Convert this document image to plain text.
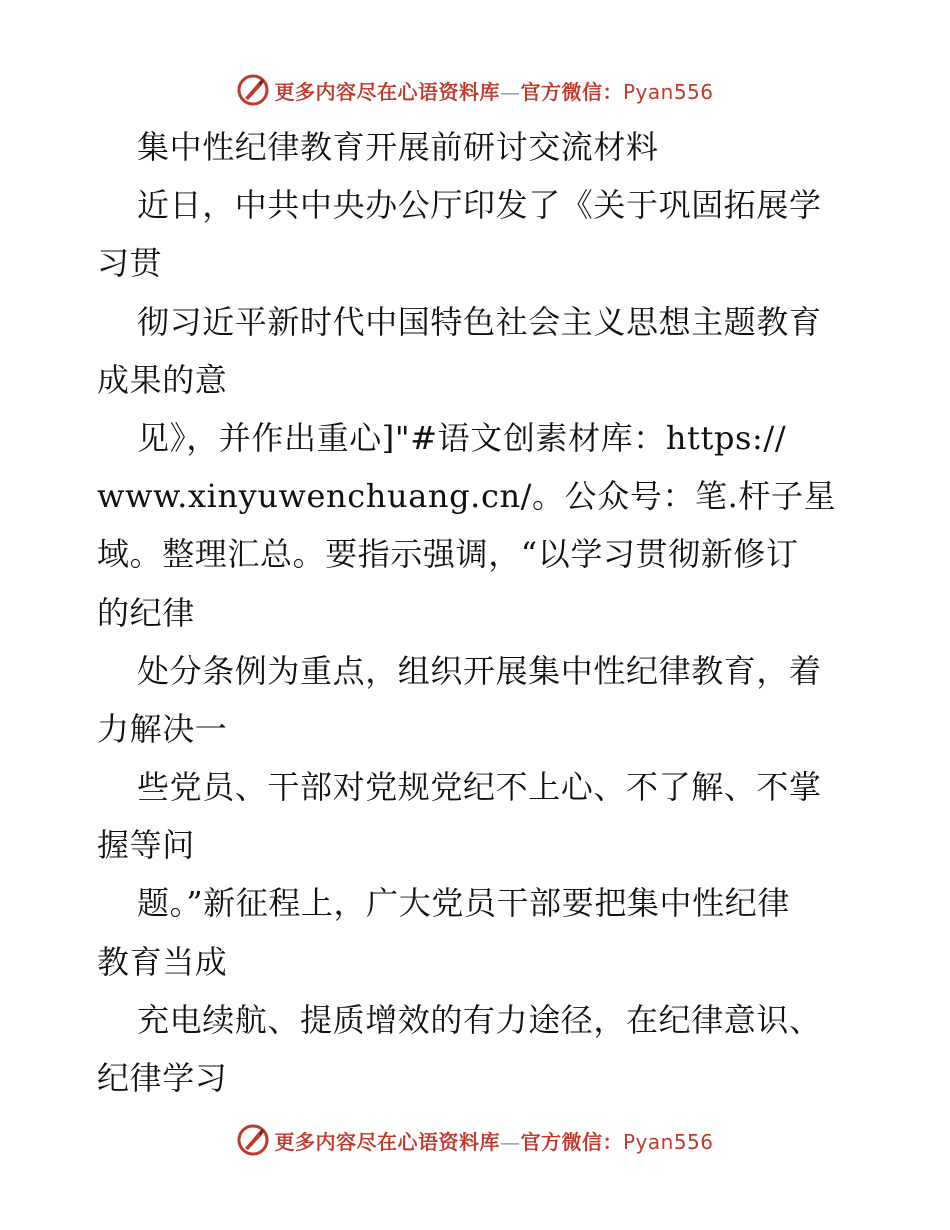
更多内容尽在心语资料库—官方微信：Pyan556
集中性纪律教育开展前研讨交流材料
近日，中共中央办公厅印发了《关于巩固拓展学
习贯
彻习近平新时代中国特色社会主义思想主题教育
成果的意
见》，并作出重心]"#语文创素材库：https://
www.xinyuwenchuang.cn/。公众号：笔.杆子星
域。整理汇总。要指示强调，“以学习贯彻新修订
的纪律
处分条例为重点，组织开展集中性纪律教育，着
力解决一
些党员、干部对党规党纪不上心、不了解、不掌
握等问
题。”新征程上，广大党员干部要把集中性纪律
教育当成
充电续航、提质增效的有力途径，在纪律意识、
纪律学习
更多内容尽在心语资料库—官方微信：Pyan556
